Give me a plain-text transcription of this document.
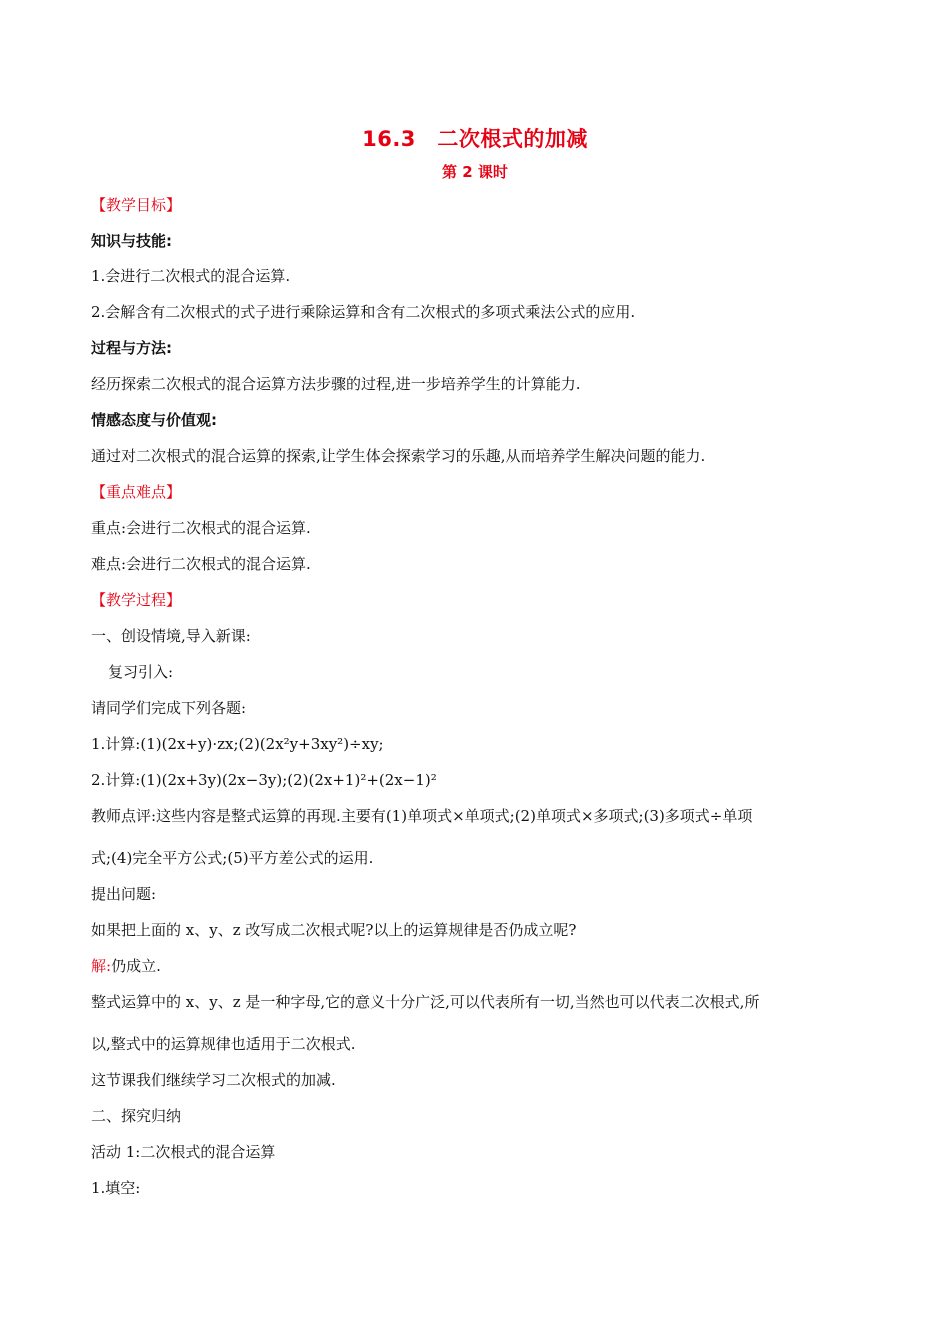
16.3　二次根式的加减
第 2 课时
【教学目标】
知识与技能:
1.会进行二次根式的混合运算.
2.会解含有二次根式的式子进行乘除运算和含有二次根式的多项式乘法公式的应用.
过程与方法:
经历探索二次根式的混合运算方法步骤的过程,进一步培养学生的计算能力.
情感态度与价值观:
通过对二次根式的混合运算的探索,让学生体会探索学习的乐趣,从而培养学生解决问题的能力.
【重点难点】
重点:会进行二次根式的混合运算.
难点:会进行二次根式的混合运算.
【教学过程】
一、创设情境,导入新课:
复习引入:
请同学们完成下列各题:
1.计算:(1)(2x+y)·zx;(2)(2x²y+3xy²)÷xy;
2.计算:(1)(2x+3y)(2x−3y);(2)(2x+1)²+(2x−1)²
教师点评:这些内容是整式运算的再现.主要有(1)单项式×单项式;(2)单项式×多项式;(3)多项式÷单项
式;(4)完全平方公式;(5)平方差公式的运用.
提出问题:
如果把上面的 x、y、z 改写成二次根式呢?以上的运算规律是否仍成立呢?
解:仍成立.
整式运算中的 x、y、z 是一种字母,它的意义十分广泛,可以代表所有一切,当然也可以代表二次根式,所
以,整式中的运算规律也适用于二次根式.
这节课我们继续学习二次根式的加减.
二、探究归纳
活动 1:二次根式的混合运算
1.填空:
